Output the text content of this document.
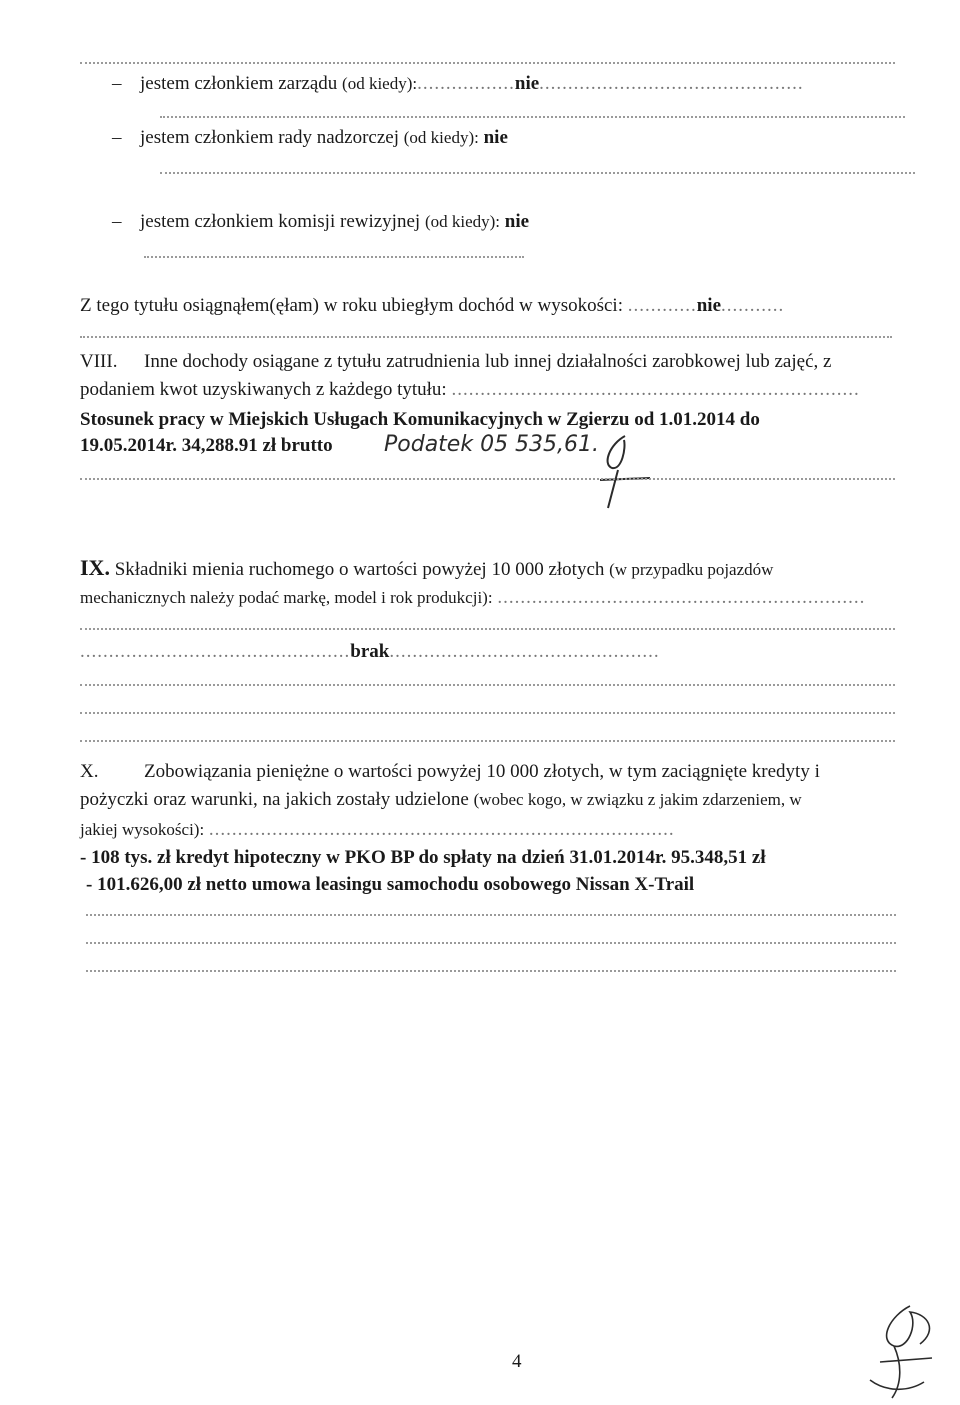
– jestem członkiem zarządu (od kiedy):.................nie..............................................
– jestem członkiem rady nadzorczej (od kiedy): nie
– jestem członkiem komisji rewizyjnej (od kiedy): nie
Z tego tytułu osiągnąłem(ęłam) w roku ubiegłym dochód w wysokości: ............nie...........
VIII. Inne dochody osiągane z tytułu zatrudnienia lub innej działalności zarobkowej lub zajęć, z
podaniem kwot uzyskiwanych z każdego tytułu: .......................................................................
Stosunek pracy w Miejskich Usługach Komunikacyjnych w Zgierzu od 1.01.2014 do
19.05.2014r. 34,288.91 zł brutto Podatek 05 535,61.
IX. Składniki mienia ruchomego o wartości powyżej 10 000 złotych (w przypadku pojazdów
mechanicznych należy podać markę, model i rok produkcji): ................................................................
...............................................brak...............................................
X. Zobowiązania pieniężne o wartości powyżej 10 000 złotych, w tym zaciągnięte kredyty i
pożyczki oraz warunki, na jakich zostały udzielone (wobec kogo, w związku z jakim zdarzeniem, w
jakiej wysokości): .................................................................................
- 108 tys. zł kredyt hipoteczny w PKO BP do spłaty na dzień 31.01.2014r. 95.348,51 zł
- 101.626,00 zł netto umowa leasingu samochodu osobowego Nissan X-Trail
4
